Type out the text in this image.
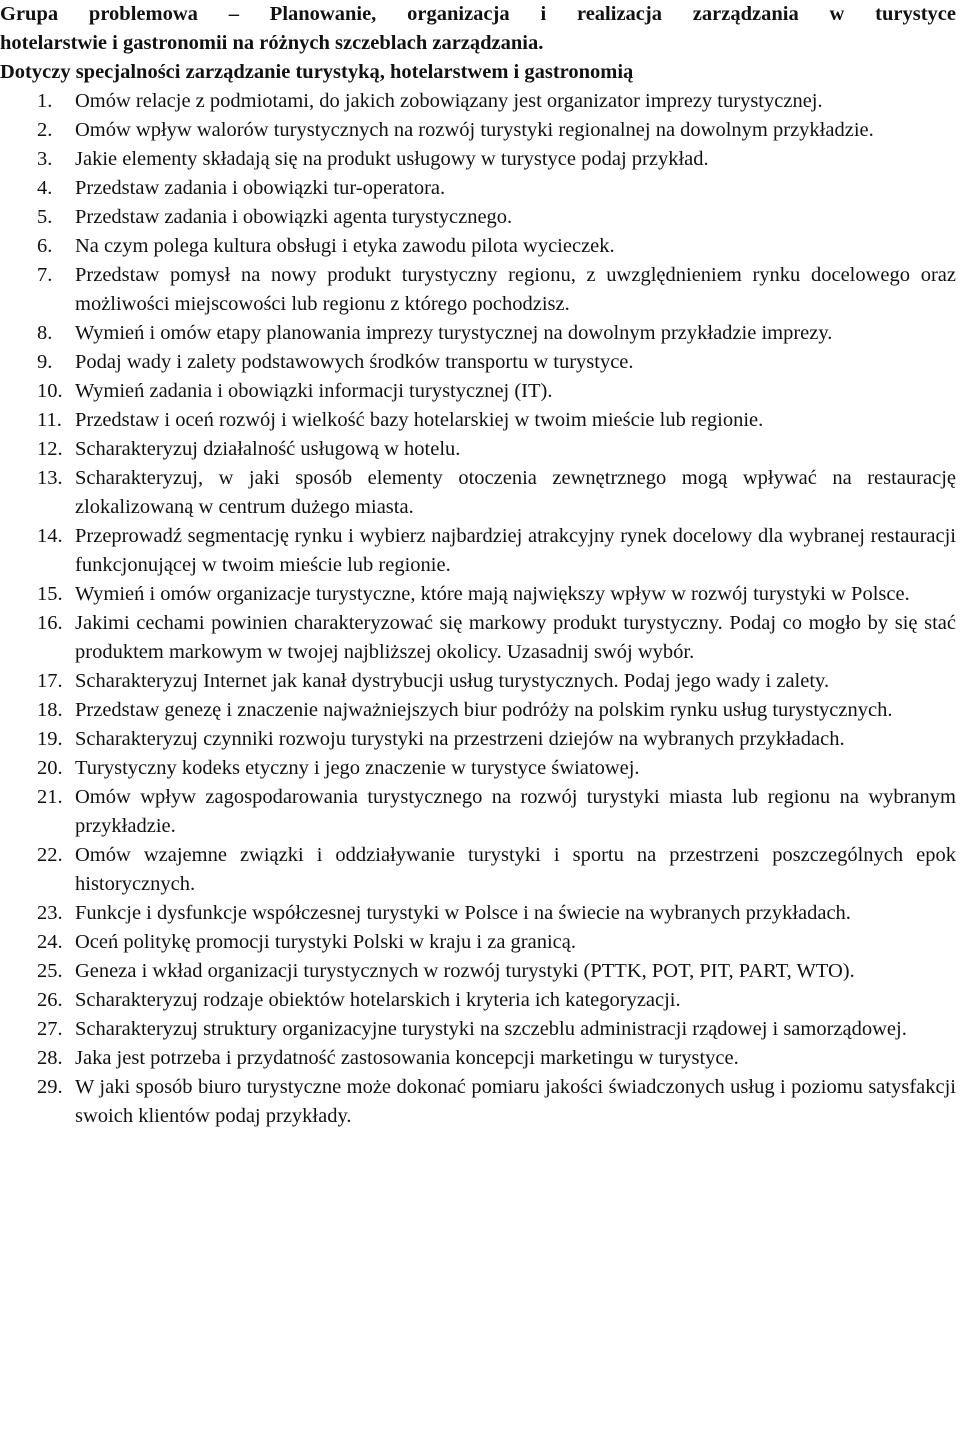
Grupa problemowa – Planowanie, organizacja i realizacja zarządzania w turystyce

hotelarstwie i gastronomii na różnych szczeblach zarządzania.

Dotyczy specjalności zarządzanie turystyką, hotelarstwem i gastronomią

1.	Omów relacje z podmiotami, do jakich zobowiązany jest organizator imprezy turystycznej.
2.	Omów wpływ walorów turystycznych na rozwój turystyki regionalnej na dowolnym przykładzie.
3.	Jakie elementy składają się na produkt usługowy w turystyce podaj przykład.
4.	Przedstaw zadania i obowiązki tur-operatora.
5.	Przedstaw zadania i obowiązki agenta turystycznego.
6.	Na czym polega kultura obsługi i etyka zawodu pilota wycieczek.
7.	Przedstaw pomysł na nowy produkt turystyczny regionu, z uwzględnieniem rynku docelowego oraz możliwości miejscowości lub regionu z którego pochodzisz.
8.	Wymień i omów etapy planowania imprezy turystycznej na dowolnym przykładzie imprezy.
9.	Podaj wady i zalety podstawowych środków transportu w turystyce.
10. Wymień zadania i obowiązki informacji turystycznej (IT).
11. Przedstaw i oceń rozwój i wielkość bazy hotelarskiej w twoim mieście lub regionie.
12. Scharakteryzuj działalność usługową w hotelu.
13. Scharakteryzuj, w jaki sposób elementy otoczenia zewnętrznego mogą wpływać na restaurację zlokalizowaną w centrum dużego miasta.
14. Przeprowadź segmentację rynku i wybierz najbardziej atrakcyjny rynek docelowy dla wybranej restauracji funkcjonującej w twoim mieście lub regionie.
15. Wymień i omów organizacje turystyczne, które mają największy wpływ w rozwój turystyki w Polsce.
16. Jakimi cechami powinien charakteryzować się markowy produkt turystyczny. Podaj co mogło by się stać produktem markowym w twojej najbliższej okolicy. Uzasadnij swój wybór.
17. Scharakteryzuj Internet jak kanał dystrybucji usług turystycznych. Podaj jego wady i zalety.
18. Przedstaw genezę i znaczenie najważniejszych biur podróży na polskim rynku usług turystycznych.
19. Scharakteryzuj czynniki rozwoju turystyki na przestrzeni dziejów na wybranych przykładach.
20. Turystyczny kodeks etyczny i jego znaczenie w turystyce światowej.
21. Omów wpływ zagospodarowania turystycznego na rozwój turystyki miasta lub regionu na wybranym przykładzie.
22. Omów wzajemne związki i oddziaływanie turystyki i sportu na przestrzeni poszczególnych epok historycznych.
23. Funkcje i dysfunkcje współczesnej turystyki w Polsce i na świecie na wybranych przykładach.
24. Oceń politykę promocji turystyki Polski w kraju i za granicą.
25. Geneza i wkład organizacji turystycznych w rozwój turystyki (PTTK, POT, PIT, PART, WTO).
26. Scharakteryzuj rodzaje obiektów hotelarskich i kryteria ich kategoryzacji.
27. Scharakteryzuj struktury organizacyjne turystyki na szczeblu administracji rządowej i samorządowej.
28. Jaka jest potrzeba i przydatność zastosowania koncepcji marketingu w turystyce.
29. W jaki sposób biuro turystyczne może dokonać pomiaru jakości świadczonych usług i poziomu satysfakcji swoich klientów podaj przykłady.
